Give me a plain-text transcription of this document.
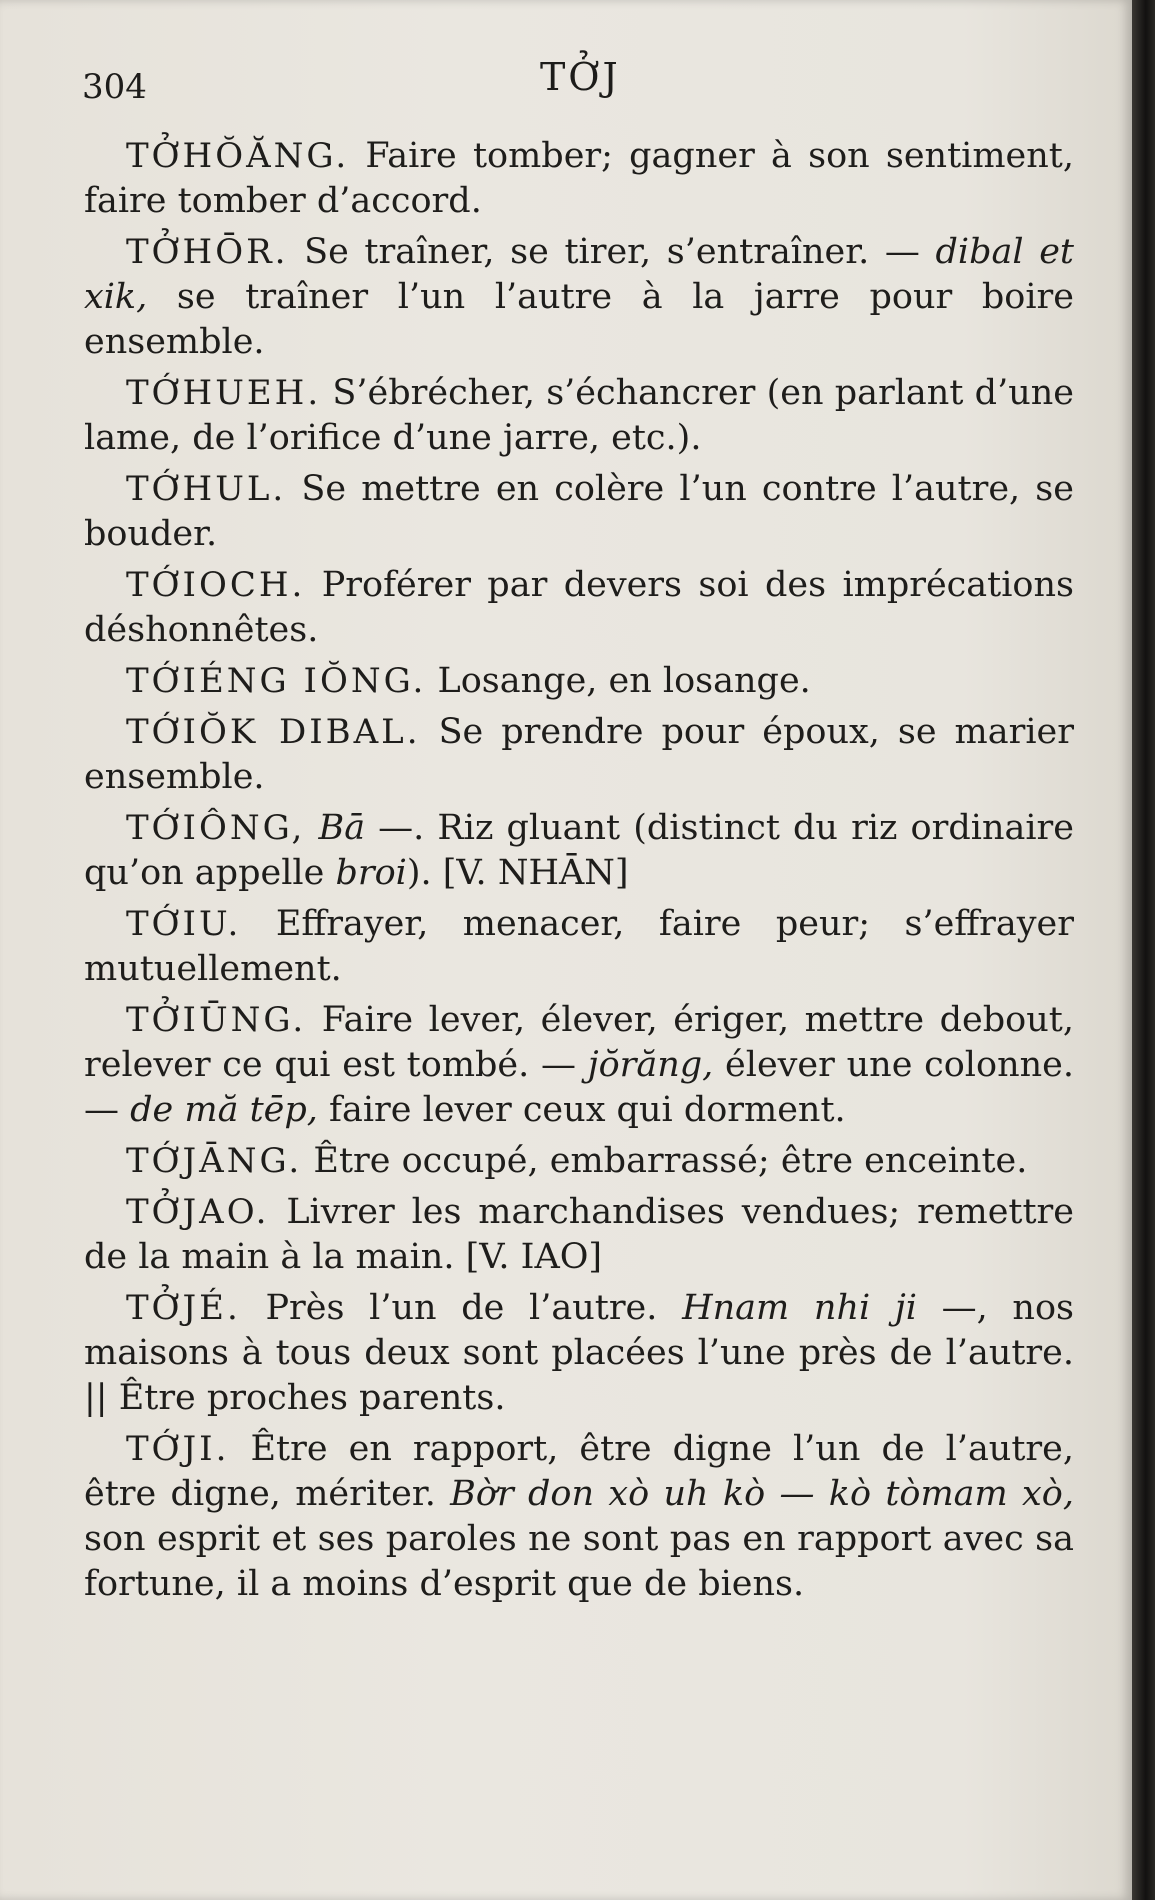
304	TỞJ

TỞHŎĂNG. Faire tomber; gagner à son sentiment, faire tomber d’accord.

TỞHŌR. Se traîner, se tirer, s’entraîner. — dibal et xik, se traîner l’un l’autre à la jarre pour boire ensemble.

TỚHUEH. S’ébrécher, s’échancrer (en parlant d’une lame, de l’orifice d’une jarre, etc.).

TỚHUL. Se mettre en colère l’un contre l’autre, se bouder.

TỚIOCH. Proférer par devers soi des imprécations déshonnêtes.

TỚIÉNG IŎNG. Losange, en losange.

TỚIŎK DIBAL. Se prendre pour époux, se marier ensemble.

TỚIÔNG, Bā —. Riz gluant (distinct du riz ordinaire qu’on appelle broi). [V. NHĀN]

TỚIU. Effrayer, menacer, faire peur; s’effrayer mutuellement.

TỞIŪNG. Faire lever, élever, ériger, mettre debout, relever ce qui est tombé. — jŏrăng, élever une colonne. — de mă tēp, faire lever ceux qui dorment.

TỚJĀNG. Être occupé, embarrassé; être enceinte.

TỞJAO. Livrer les marchandises vendues; remettre de la main à la main. [V. IAO]

TỞJÉ. Près l’un de l’autre. Hnam nhi ji —, nos maisons à tous deux sont placées l’une près de l’autre. || Être proches parents.

TỚJI. Être en rapport, être digne l’un de l’autre, être digne, mériter. Bờr don xò uh kò — kò tòmam xò, son esprit et ses paroles ne sont pas en rapport avec sa fortune, il a moins d’esprit que de biens.
